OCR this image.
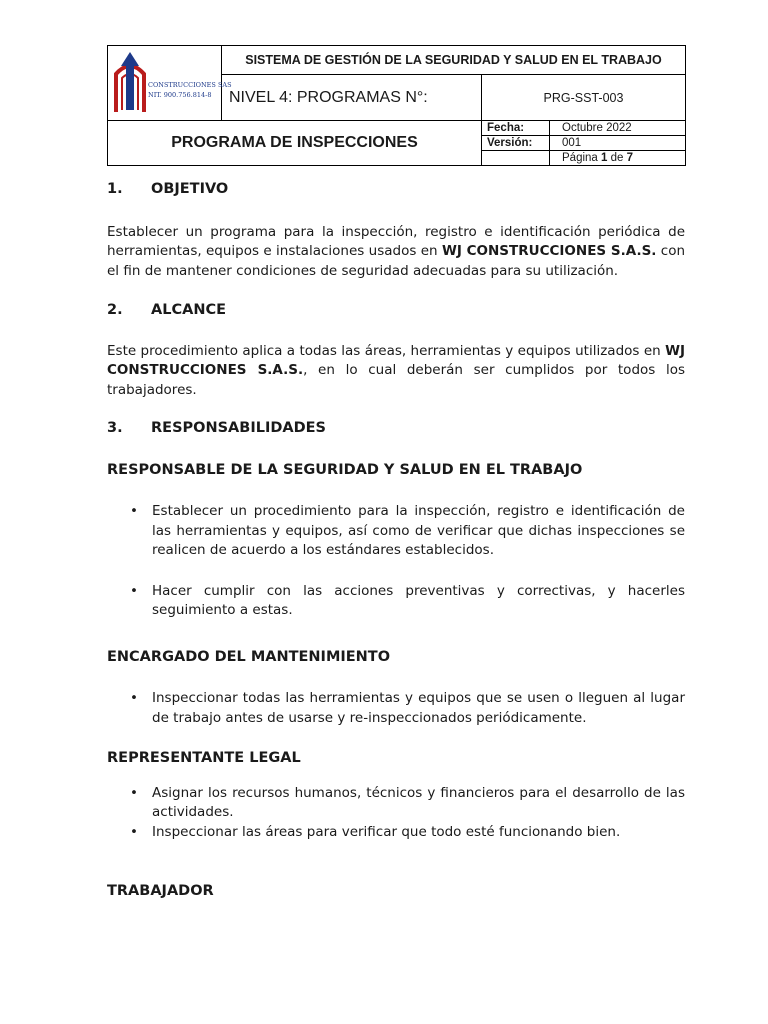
CONSTRUCCIONES SAS
NIT. 900.756.814-8
	SISTEMA DE GESTIÓN DE LA SEGURIDAD Y SALUD EN EL TRABAJO
NIVEL 4: PROGRAMAS N°:	PRG-SST-003
PROGRAMA DE INSPECCIONES	
Fecha:	Octubre 2022
Versión:	001
	Página 1 de 7
1.	OBJETIVO

Establecer un programa para la inspección, registro e identificación periódica de herramientas, equipos e instalaciones usados en WJ CONSTRUCCIONES S.A.S. con el fin de mantener condiciones de seguridad adecuadas para su utilización.

2.	ALCANCE

Este procedimiento aplica a todas las áreas, herramientas y equipos utilizados en WJ CONSTRUCCIONES S.A.S., en lo cual deberán ser cumplidos por todos los trabajadores.

3.	RESPONSABILIDADES

RESPONSABLE DE LA SEGURIDAD Y SALUD EN EL TRABAJO

• Establecer un procedimiento para la inspección, registro e identificación de las herramientas y equipos, así como de verificar que dichas inspecciones se realicen de acuerdo a los estándares establecidos.
• Hacer cumplir con las acciones preventivas y correctivas, y hacerles seguimiento a estas.

ENCARGADO DEL MANTENIMIENTO

• Inspeccionar todas las herramientas y equipos que se usen o lleguen al lugar de trabajo antes de usarse y re-inspeccionados periódicamente.

REPRESENTANTE LEGAL

• Asignar los recursos humanos, técnicos y financieros para el desarrollo de las actividades.
• Inspeccionar las áreas para verificar que todo esté funcionando bien.

TRABAJADOR
